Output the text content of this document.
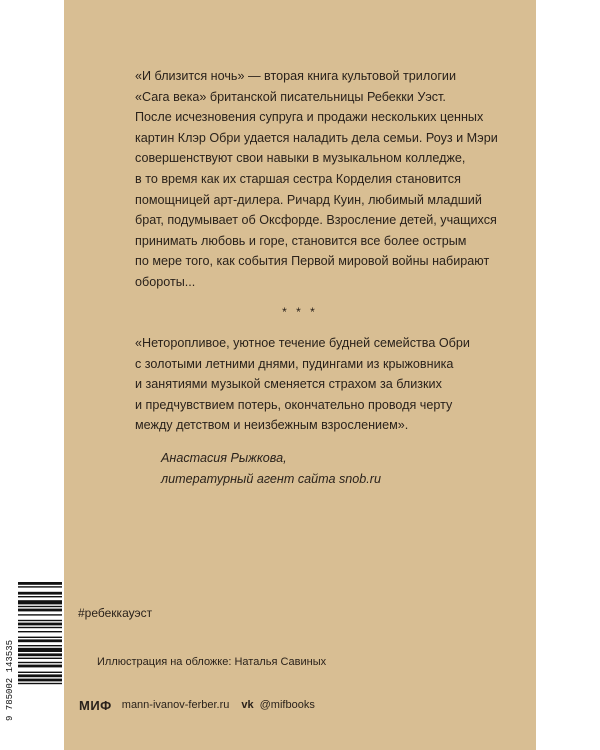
«И близится ночь» — вторая книга культовой трилогии
«Сага века» британской писательницы Ребекки Уэст.
После исчезновения супруга и продажи нескольких ценных
картин Клэр Обри удается наладить дела семьи. Роуз и Мэри
совершенствуют свои навыки в музыкальном колледже,
в то время как их старшая сестра Корделия становится
помощницей арт-дилера. Ричард Куин, любимый младший
брат, подумывает об Оксфорде. Взросление детей, учащихся
принимать любовь и горе, становится все более острым
по мере того, как события Первой мировой войны набирают
обороты...
* * *
«Неторопливое, уютное течение будней семейства Обри
с золотыми летними днями, пудингами из крыжовника
и занятиями музыкой сменяется страхом за близких
и предчувствием потерь, окончательно проводя черту
между детством и неизбежным взрослением».
Анастасия Рыжкова,
литературный агент сайта snob.ru
#ребеккауэст
Иллюстрация на обложке: Наталья Савиных
МИФ mann-ivanov-ferber.ru vk @mifbooks
9 785002 143535
